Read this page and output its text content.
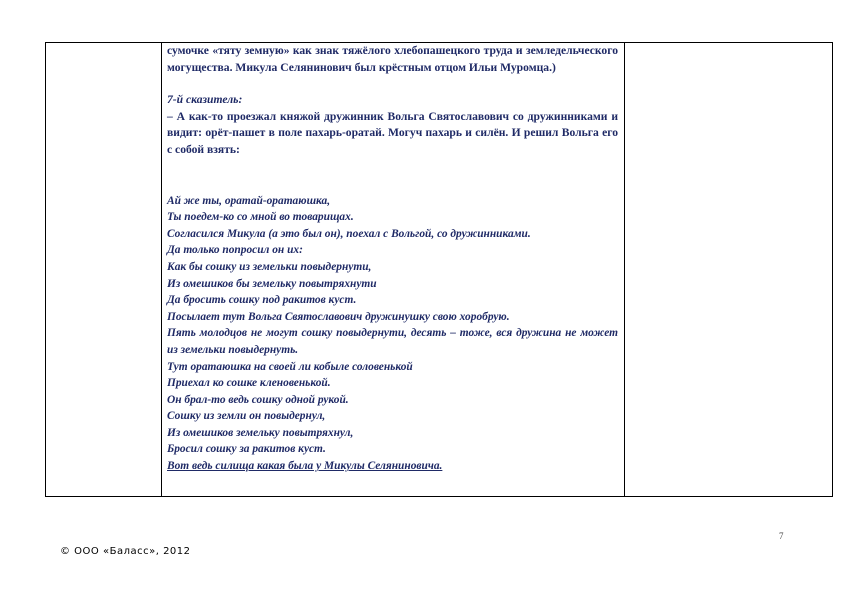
сумочке «тяту земную» как знак тяжёлого хлебопашецкого труда и земледельческого могущества. Микула Селянинович был крёстным отцом Ильи Муромца.)

7-й сказитель:

– А как-то проезжал княжой дружинник Вольга Святославович со дружинниками и видит: орёт-пашет в поле пахарь-оратай. Могуч пахарь и силён. И решил Вольга его с собой взять:

Ай же ты, оратай-оратаюшка,
Ты поедем-ко со мной во товарищах.
Согласился Микула (а это был он), поехал с Вольгой, со дружинниками.
Да только попросил он их:
Как бы сошку из земельки повыдернути,
Из омешиков бы земельку повытряхнути
Да бросить сошку под ракитов куст.
Посылает тут Вольга Святославович дружинушку свою хоробрую.
Пять молодцов не могут сошку повыдернути, десять – тоже, вся дружина не может из земельки повыдернуть.
Тут оратаюшка на своей ли кобыле соловенькой
Приехал ко сошке кленовенькой.
Он брал-то ведь сошку одной рукой.
Сошку из земли он повыдернул,
Из омешиков земельку повытряхнул,
Бросил сошку за ракитов куст.
Вот ведь силища какая была у Микулы Селяниновича.

7
© ООО «Баласс», 2012
